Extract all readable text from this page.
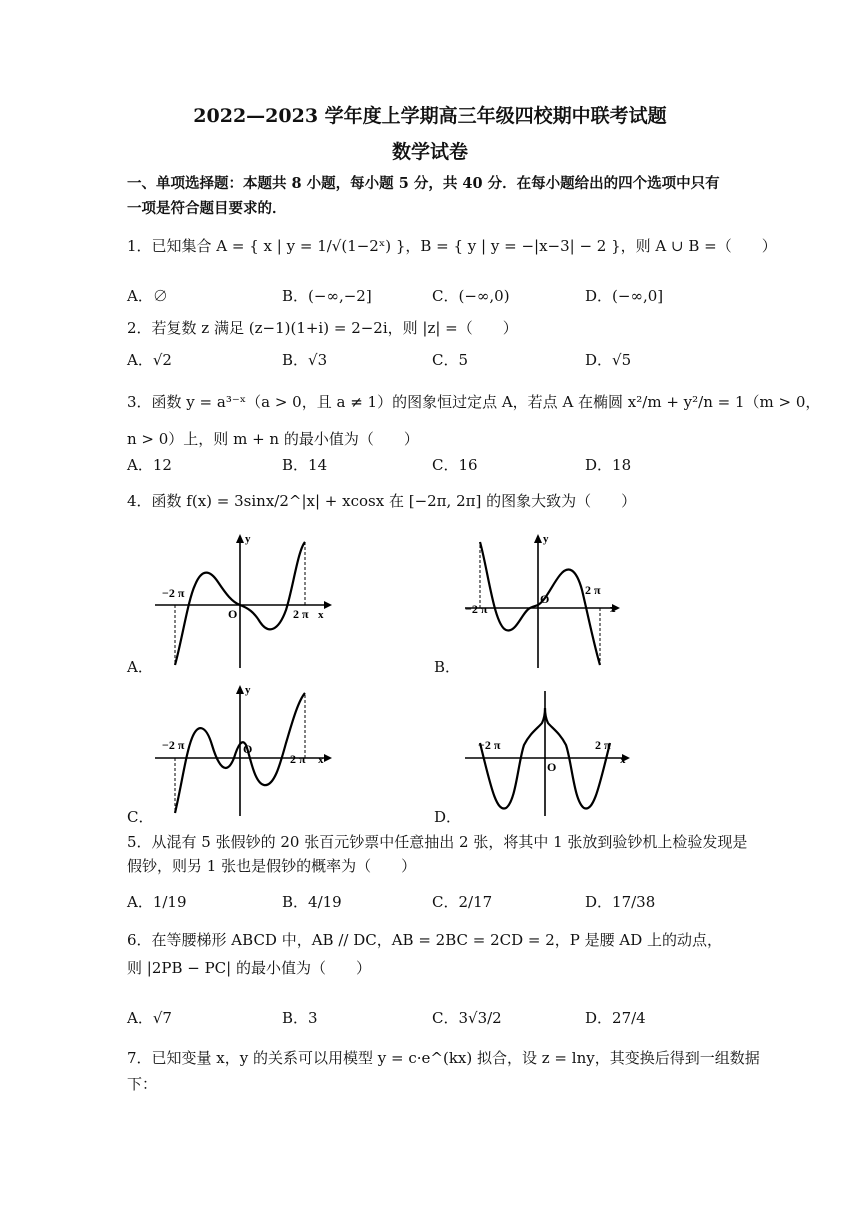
2022—2023 学年度上学期高三年级四校期中联考试题
数学试卷
一、单项选择题：本题共 8 小题，每小题 5 分，共 40 分．在每小题给出的四个选项中只有
一项是符合题目要求的．
1．已知集合 A = { x | y = 1/√(1−2ˣ) }，B = { y | y = −|x−3| − 2 }，则 A ∪ B =（　　）
A．∅	B．(−∞,−2]	C．(−∞,0)	D．(−∞,0]
2．若复数 z 满足 (z−1)(1+i) = 2−2i，则 |z| =（　　）
A．√2	B．√3	C．5	D．√5
3．函数 y = a³⁻ˣ（a > 0，且 a ≠ 1）的图象恒过定点 A，若点 A 在椭圆 x²/m + y²/n = 1（m > 0，
n > 0）上，则 m + n 的最小值为（　　）
A．12	B．14	C．16	D．18
4．函数 f(x) = 3sinx/2^|x| + xcosx 在 [−2π, 2π] 的图象大致为（　　）
y
−2 π
O	2 π x
A．
y
−2 π
O
2 π
x
B．
y
−2 π	O
2 π x
C．
−2 π
O
2 π
x
D．
5．从混有 5 张假钞的 20 张百元钞票中任意抽出 2 张，将其中 1 张放到验钞机上检验发现是
假钞，则另 1 张也是假钞的概率为（　　）
A．1/19	B．4/19	C．2/17	D．17/38
6．在等腰梯形 ABCD 中，AB // DC，AB = 2BC = 2CD = 2，P 是腰 AD 上的动点，
则 |2PB − PC| 的最小值为（　　）
A．√7	B．3	C．3√3/2	D．27/4
7．已知变量 x，y 的关系可以用模型 y = c·e^(kx) 拟合，设 z = lny，其变换后得到一组数据
下：
